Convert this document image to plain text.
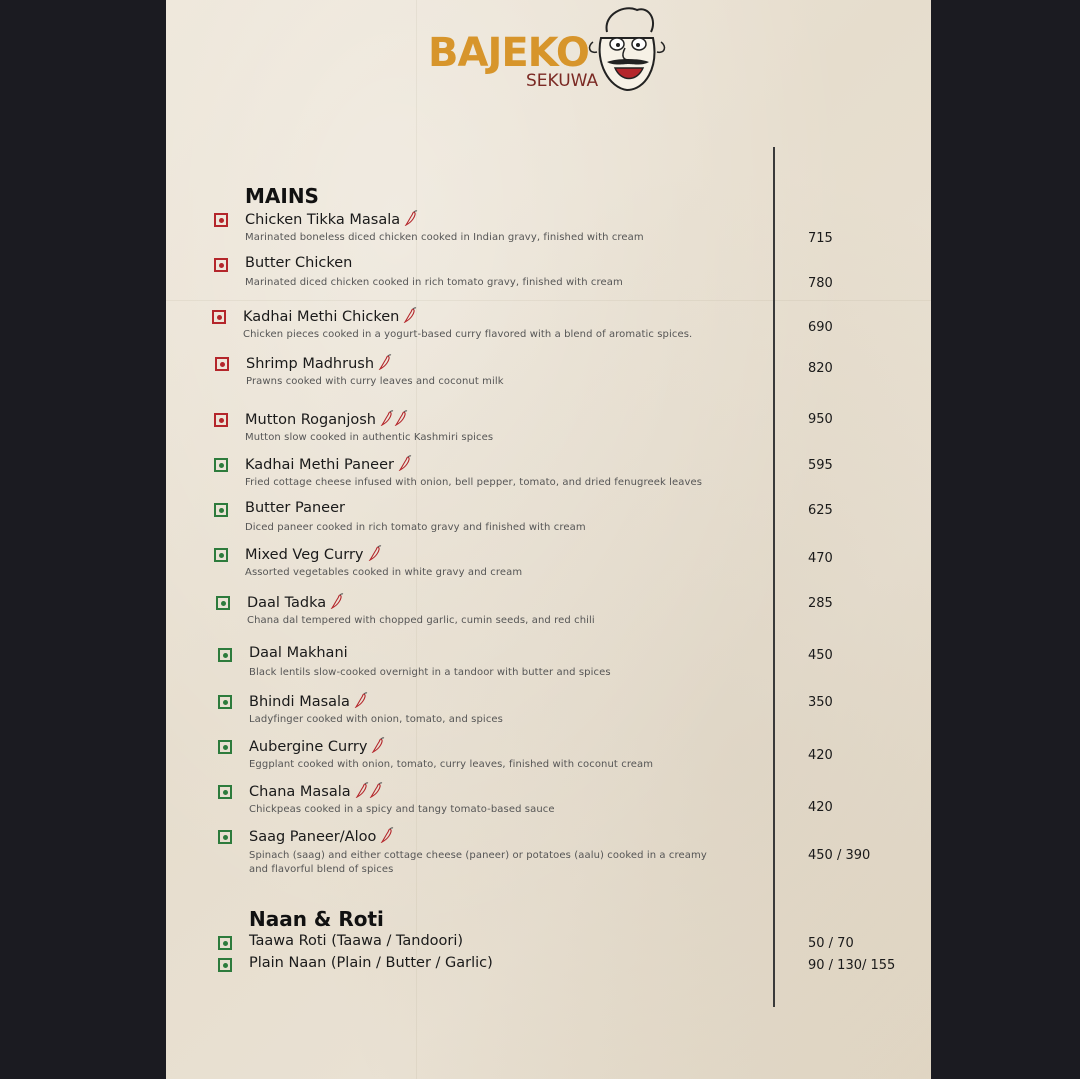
BAJEKO
SEKUWA
MAINS
Chicken Tikka Masala
Marinated boneless diced chicken cooked in Indian gravy, finished with cream	715
Butter Chicken
Marinated diced chicken cooked in rich tomato gravy, finished with cream	780
Kadhai Methi Chicken
Chicken pieces cooked in a yogurt-based curry flavored with a blend of aromatic spices.	690
Shrimp Madhrush
Prawns cooked with curry leaves and coconut milk
820
Mutton Roganjosh
Mutton slow cooked in authentic Kashmiri spices
950
Kadhai Methi Paneer
Fried cottage cheese infused with onion, bell pepper, tomato, and dried fenugreek leaves
595
Butter Paneer
Diced paneer cooked in rich tomato gravy and finished with cream
625
Mixed Veg Curry
Assorted vegetables cooked in white gravy and cream
470
Daal Tadka
Chana dal tempered with chopped garlic, cumin seeds, and red chili
285
Daal Makhani
Black lentils slow-cooked overnight in a tandoor with butter and spices
450
Bhindi Masala
Ladyfinger cooked with onion, tomato, and spices
350
Aubergine Curry
Eggplant cooked with onion, tomato, curry leaves, finished with coconut cream
420
Chana Masala
Chickpeas cooked in a spicy and tangy tomato-based sauce	420
Saag Paneer/Aloo
Spinach (saag) and either cottage cheese (paneer) or potatoes (aalu) cooked in a creamy and flavorful blend of spices
450 / 390
Naan & Roti
Taawa Roti (Taawa / Tandoori)	50 / 70
Plain Naan (Plain / Butter / Garlic)	90 / 130/ 155
